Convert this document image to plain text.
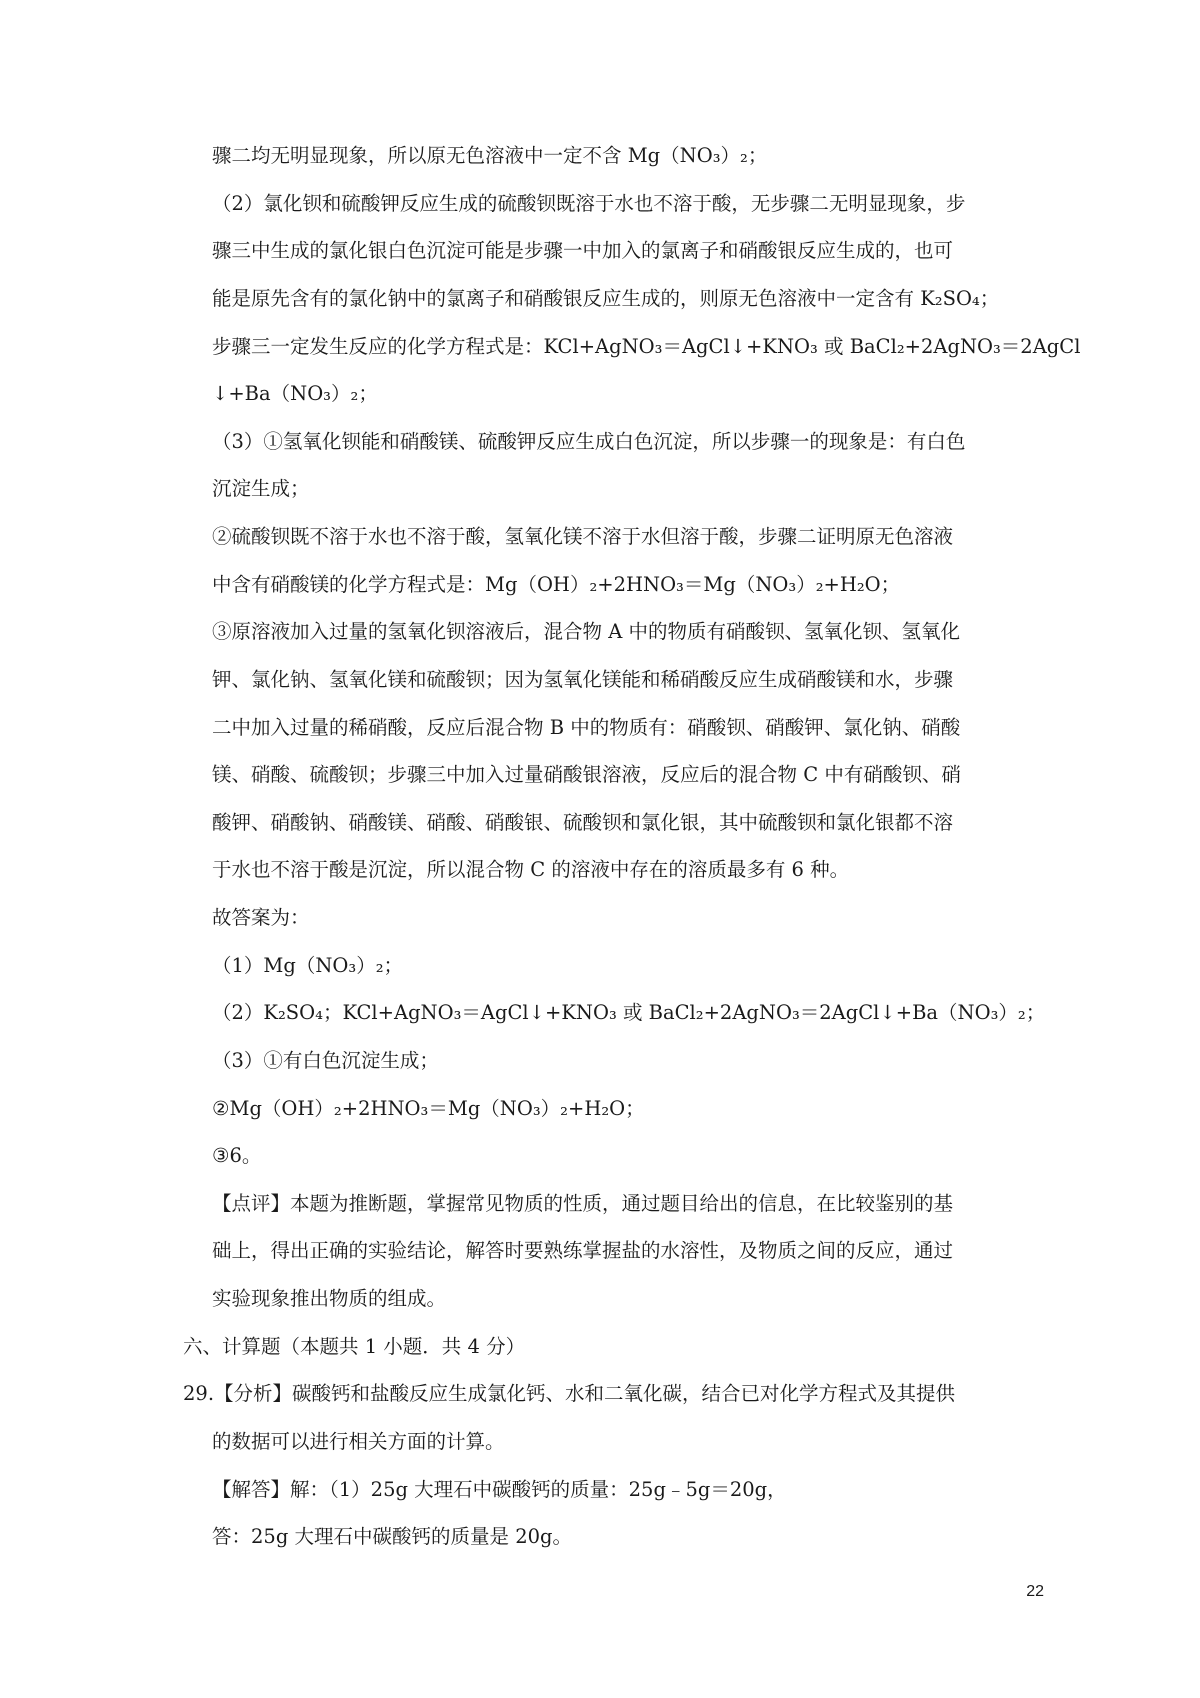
骤二均无明显现象，所以原无色溶液中一定不含 Mg（NO₃）₂；
（2）氯化钡和硫酸钾反应生成的硫酸钡既溶于水也不溶于酸，无步骤二无明显现象，步
骤三中生成的氯化银白色沉淀可能是步骤一中加入的氯离子和硝酸银反应生成的，也可
能是原先含有的氯化钠中的氯离子和硝酸银反应生成的，则原无色溶液中一定含有 K₂SO₄；
步骤三一定发生反应的化学方程式是：KCl+AgNO₃＝AgCl↓+KNO₃ 或 BaCl₂+2AgNO₃＝2AgCl
↓+Ba（NO₃）₂；
（3）①氢氧化钡能和硝酸镁、硫酸钾反应生成白色沉淀，所以步骤一的现象是：有白色
沉淀生成；
②硫酸钡既不溶于水也不溶于酸，氢氧化镁不溶于水但溶于酸，步骤二证明原无色溶液
中含有硝酸镁的化学方程式是：Mg（OH）₂+2HNO₃＝Mg（NO₃）₂+H₂O；
③原溶液加入过量的氢氧化钡溶液后，混合物 A 中的物质有硝酸钡、氢氧化钡、氢氧化
钾、氯化钠、氢氧化镁和硫酸钡；因为氢氧化镁能和稀硝酸反应生成硝酸镁和水，步骤
二中加入过量的稀硝酸，反应后混合物 B 中的物质有：硝酸钡、硝酸钾、氯化钠、硝酸
镁、硝酸、硫酸钡；步骤三中加入过量硝酸银溶液，反应后的混合物 C 中有硝酸钡、硝
酸钾、硝酸钠、硝酸镁、硝酸、硝酸银、硫酸钡和氯化银，其中硫酸钡和氯化银都不溶
于水也不溶于酸是沉淀，所以混合物 C 的溶液中存在的溶质最多有 6 种。
故答案为：
（1）Mg（NO₃）₂；
（2）K₂SO₄；KCl+AgNO₃＝AgCl↓+KNO₃ 或 BaCl₂+2AgNO₃＝2AgCl↓+Ba（NO₃）₂；
（3）①有白色沉淀生成；
②Mg（OH）₂+2HNO₃＝Mg（NO₃）₂+H₂O；
③6。
【点评】本题为推断题，掌握常见物质的性质，通过题目给出的信息，在比较鉴别的基
础上，得出正确的实验结论，解答时要熟练掌握盐的水溶性，及物质之间的反应，通过
实验现象推出物质的组成。
六、计算题（本题共 1 小题．共 4 分）
29.【分析】碳酸钙和盐酸反应生成氯化钙、水和二氧化碳，结合已对化学方程式及其提供
的数据可以进行相关方面的计算。
【解答】解：（1）25g 大理石中碳酸钙的质量：25g﹣5g＝20g，
答：25g 大理石中碳酸钙的质量是 20g。
22
